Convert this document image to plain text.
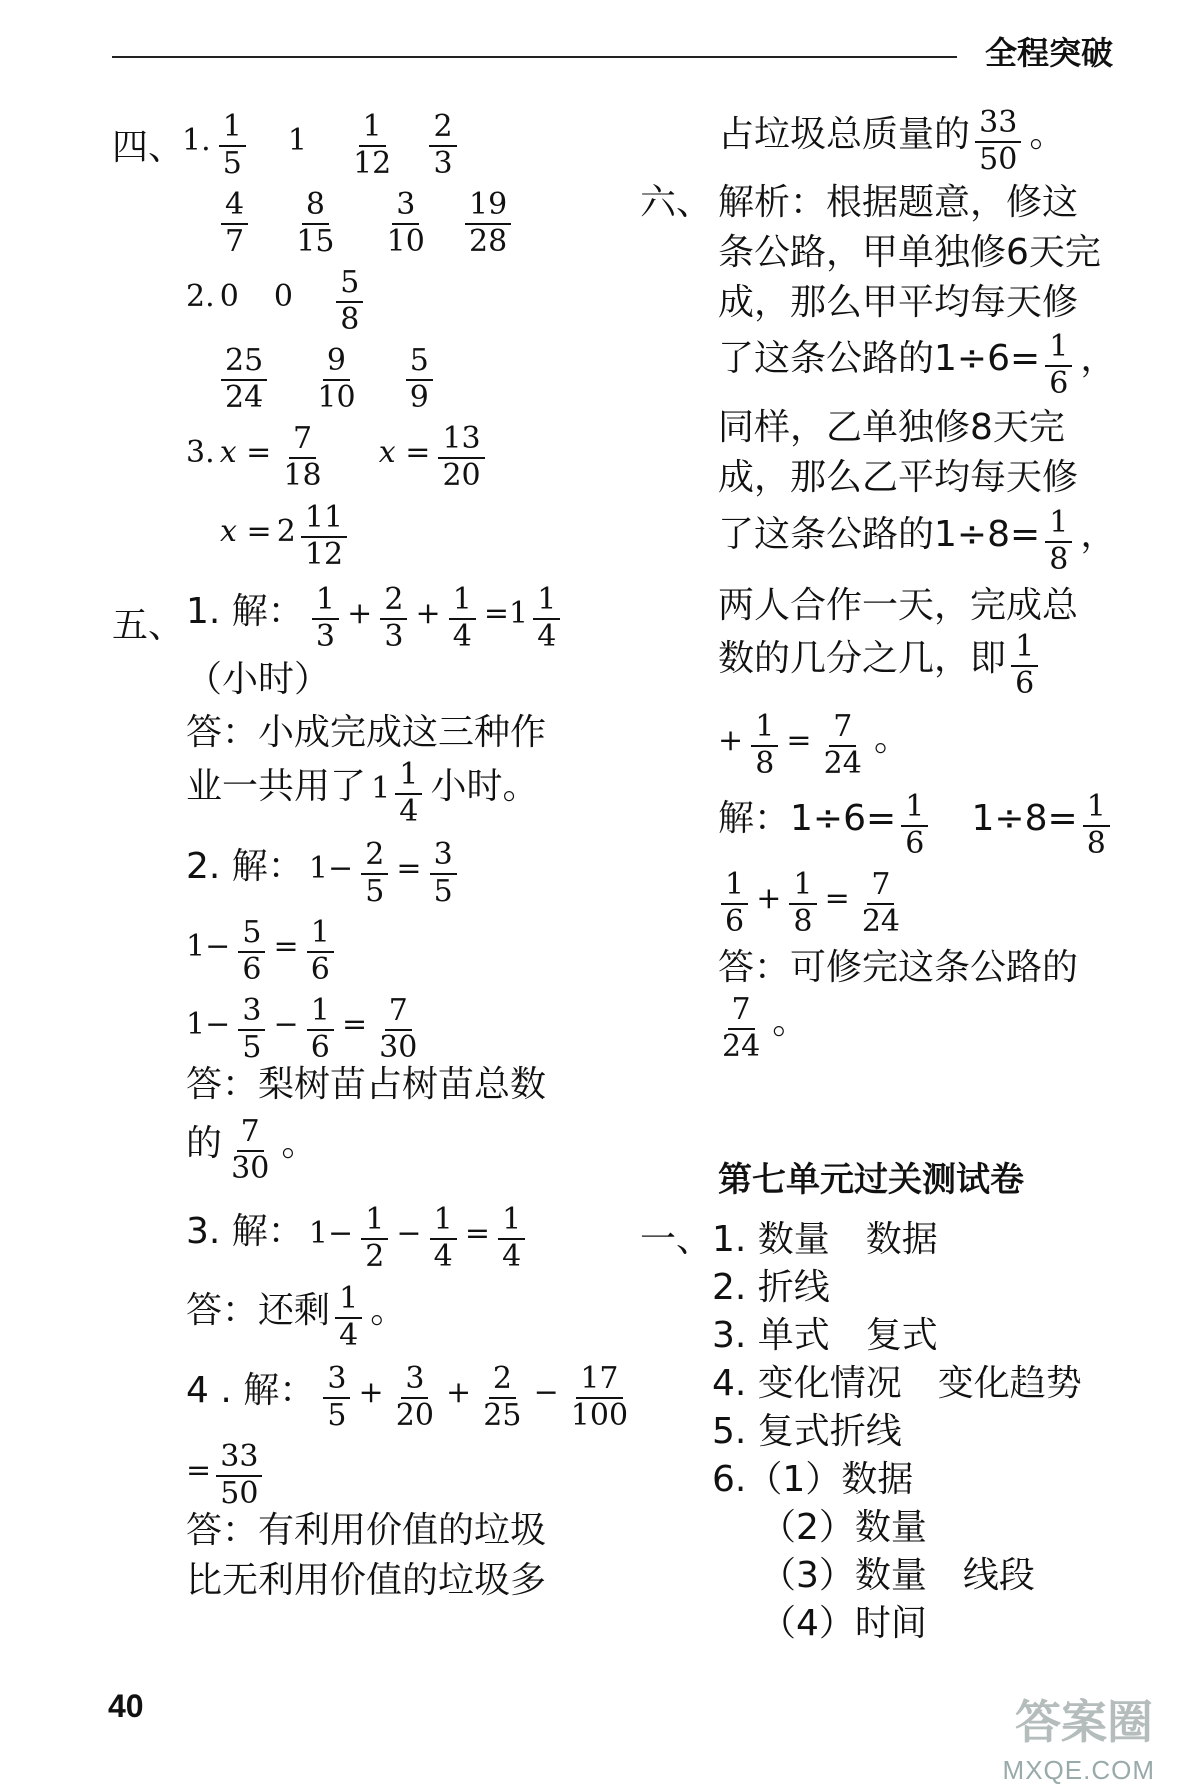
全程突破
四、
1. $\frac{1}{5} 1 \frac{1}{12}$
$\frac{2}{3}$
$\frac{4}{7}$
$\frac{8}{15}$
$\frac{3}{10}$
$\frac{19}{28}$
2. 0 $0 \frac{5}{8}$
$\frac{25}{24}$
$\frac{9}{10}$
$\frac{5}{9}$
3. $x = \frac{7}{18}$ $x = \frac{13}{20}$
$x = 2 \frac{11}{12}$
五、 1. 解： $\frac{1}{3} + \frac{2}{3} + \frac{1}{4} =1 \frac{1}{4}$
（小时）
答：小成完成这三种作
业一共用了 $1 \frac{1}{4}$ 小时。
2. 解： $1- \frac{2}{5} = \frac{3}{5}$
$1- \frac{5}{6} = \frac{1}{6}$
$1- \frac{3}{5} - \frac{1}{6} = \frac{7}{30}$
答：梨树苗占树苗总数
的 $\frac{7}{30}$ 。
3. 解： $1- \frac{1}{2} - \frac{1}{4} = \frac{1}{4}$
答：还剩 $\frac{1}{4}$ 。
4 . 解： $\frac{3}{5} + \frac{3}{20} + \frac{2}{25} - \frac{17}{100}$
= $\frac{33}{50}$
答：有利用价值的垃圾
比无利用价值的垃圾多
占垃圾总质量的 $\frac{33}{50}$ 。
六、 解析：根据题意，修这
条公路，甲单独修6天完
成，那么甲平均每天修
了这条公路的$1\div 6= \frac{1}{6}$ ，
同样，乙单独修8天完
成，那么乙平均每天修
了这条公路的$1\div 8= \frac{1}{8}$ ，
两人合作一天，完成总
数的几分之几，即 $\frac{1}{6}$
+ $\frac{1}{8} = \frac{7}{24}$ 。
解：$1\div 6= \frac{1}{6} 1\div 8= \frac{1}{8}$
$\frac{1}{6} + \frac{1}{8} = \frac{7}{24}$
答：可修完这条公路的
$\frac{7}{24}$ 。
第七单元过关测试卷
一、 1. 数量　数据
2. 折线
3. 单式　复式
4. 变化情况　变化趋势
5. 复式折线
6.（1）数据
（2）数量
（3）数量　线段
（4）时间
40	答案圈
MXQE.COM
